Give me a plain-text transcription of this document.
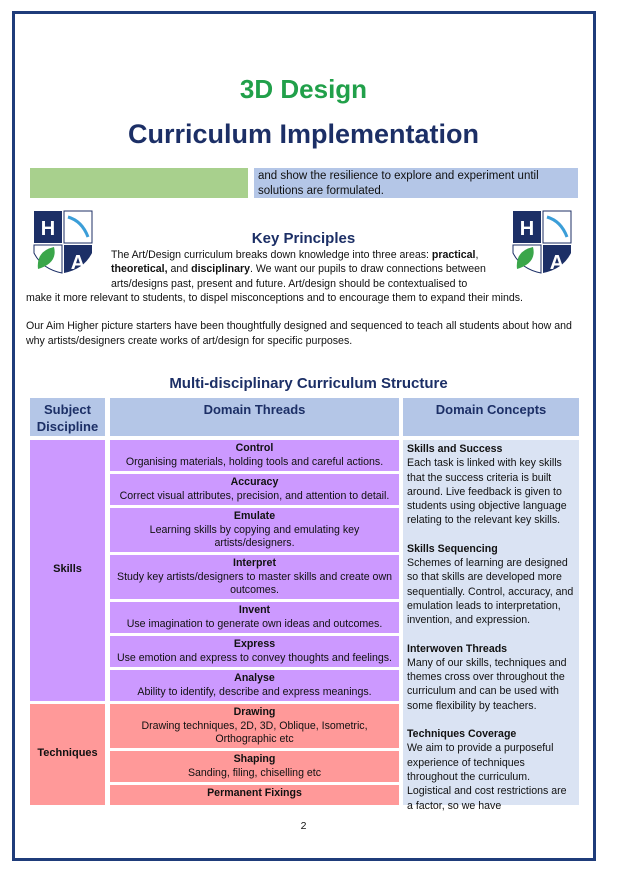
3D Design
Curriculum Implementation
and show the resilience to explore and experiment until solutions are formulated.
H
A
H
A
Key Principles
The Art/Design curriculum breaks down knowledge into three areas: practical,
theoretical, and disciplinary. We want our pupils to draw connections between arts/designs past, present and future. Art/design should be contextualised to
make it more relevant to students, to dispel misconceptions and to encourage them to expand their minds.
Our Aim Higher picture starters have been thoughtfully designed and sequenced to teach all students about how and why artists/designers create works of art/design for specific purposes.
Multi-disciplinary Curriculum Structure
Subject
Discipline
Domain Threads	Domain Concepts
Skills
Techniques
Control
Organising materials, holding tools and careful actions.
Accuracy
Correct visual attributes, precision, and attention to detail.
Emulate
Learning skills by copying and emulating key artists/designers.
Interpret
Study key artists/designers to master skills and create own outcomes.
Invent
Use imagination to generate own ideas and outcomes.
Express
Use emotion and express to convey thoughts and feelings.
Analyse
Ability to identify, describe and express meanings.
Drawing
Drawing techniques, 2D, 3D, Oblique, Isometric, Orthographic etc
Shaping
Sanding, filing, chiselling etc
Permanent Fixings
Skills and Success
Each task is linked with key skills that the success criteria is built around. Live feedback is given to students using objective language relating to the relevant key skills.
Skills Sequencing
Schemes of learning are designed so that skills are developed more sequentially. Control, accuracy, and emulation leads to interpretation, invention, and expression.
Interwoven Threads
Many of our skills, techniques and themes cross over throughout the curriculum and can be used with some flexibility by teachers.
Techniques Coverage
We aim to provide a purposeful experience of techniques throughout the curriculum. Logistical and cost restrictions are a factor, so we have
2
